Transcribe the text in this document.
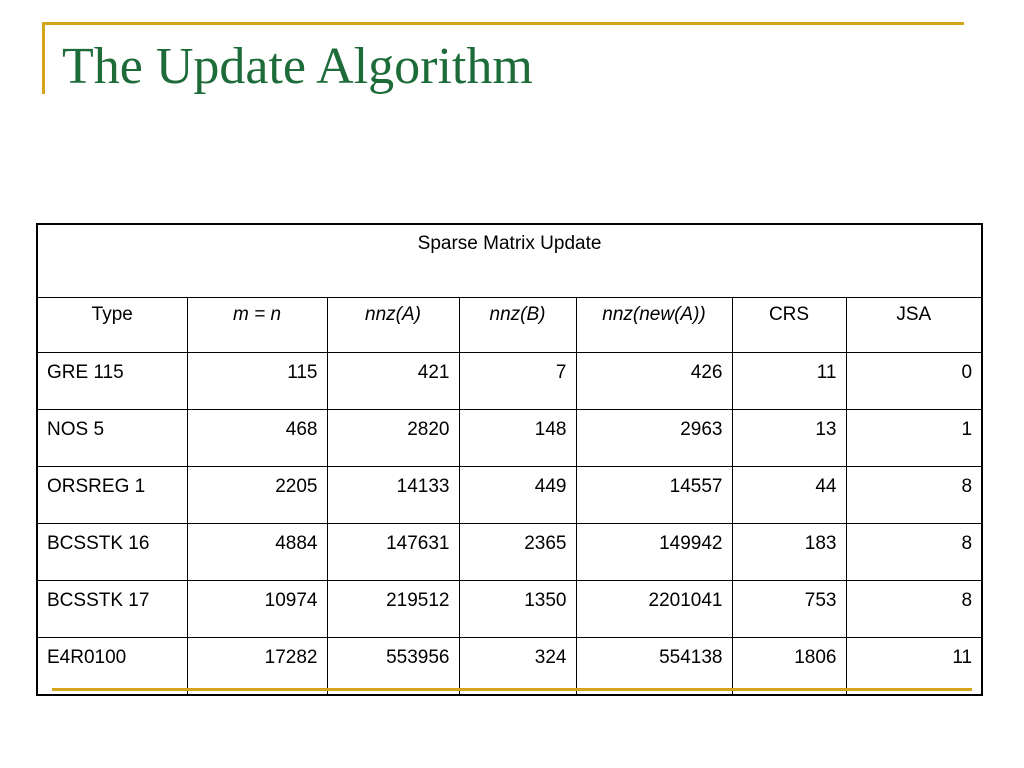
The Update Algorithm
Sparse Matrix Update						
Type	m = n	nnz(A)	nnz(B)	nnz(new(A))	CRS	JSA
GRE 115	115	421	7	426	11	0
NOS 5	468	2820	148	2963	13	1
ORSREG 1	2205	14133	449	14557	44	8
BCSSTK 16	4884	147631	2365	149942	183	8
BCSSTK 17	10974	219512	1350	2201041	753	8
E4R0100	17282	553956	324	554138	1806	11
